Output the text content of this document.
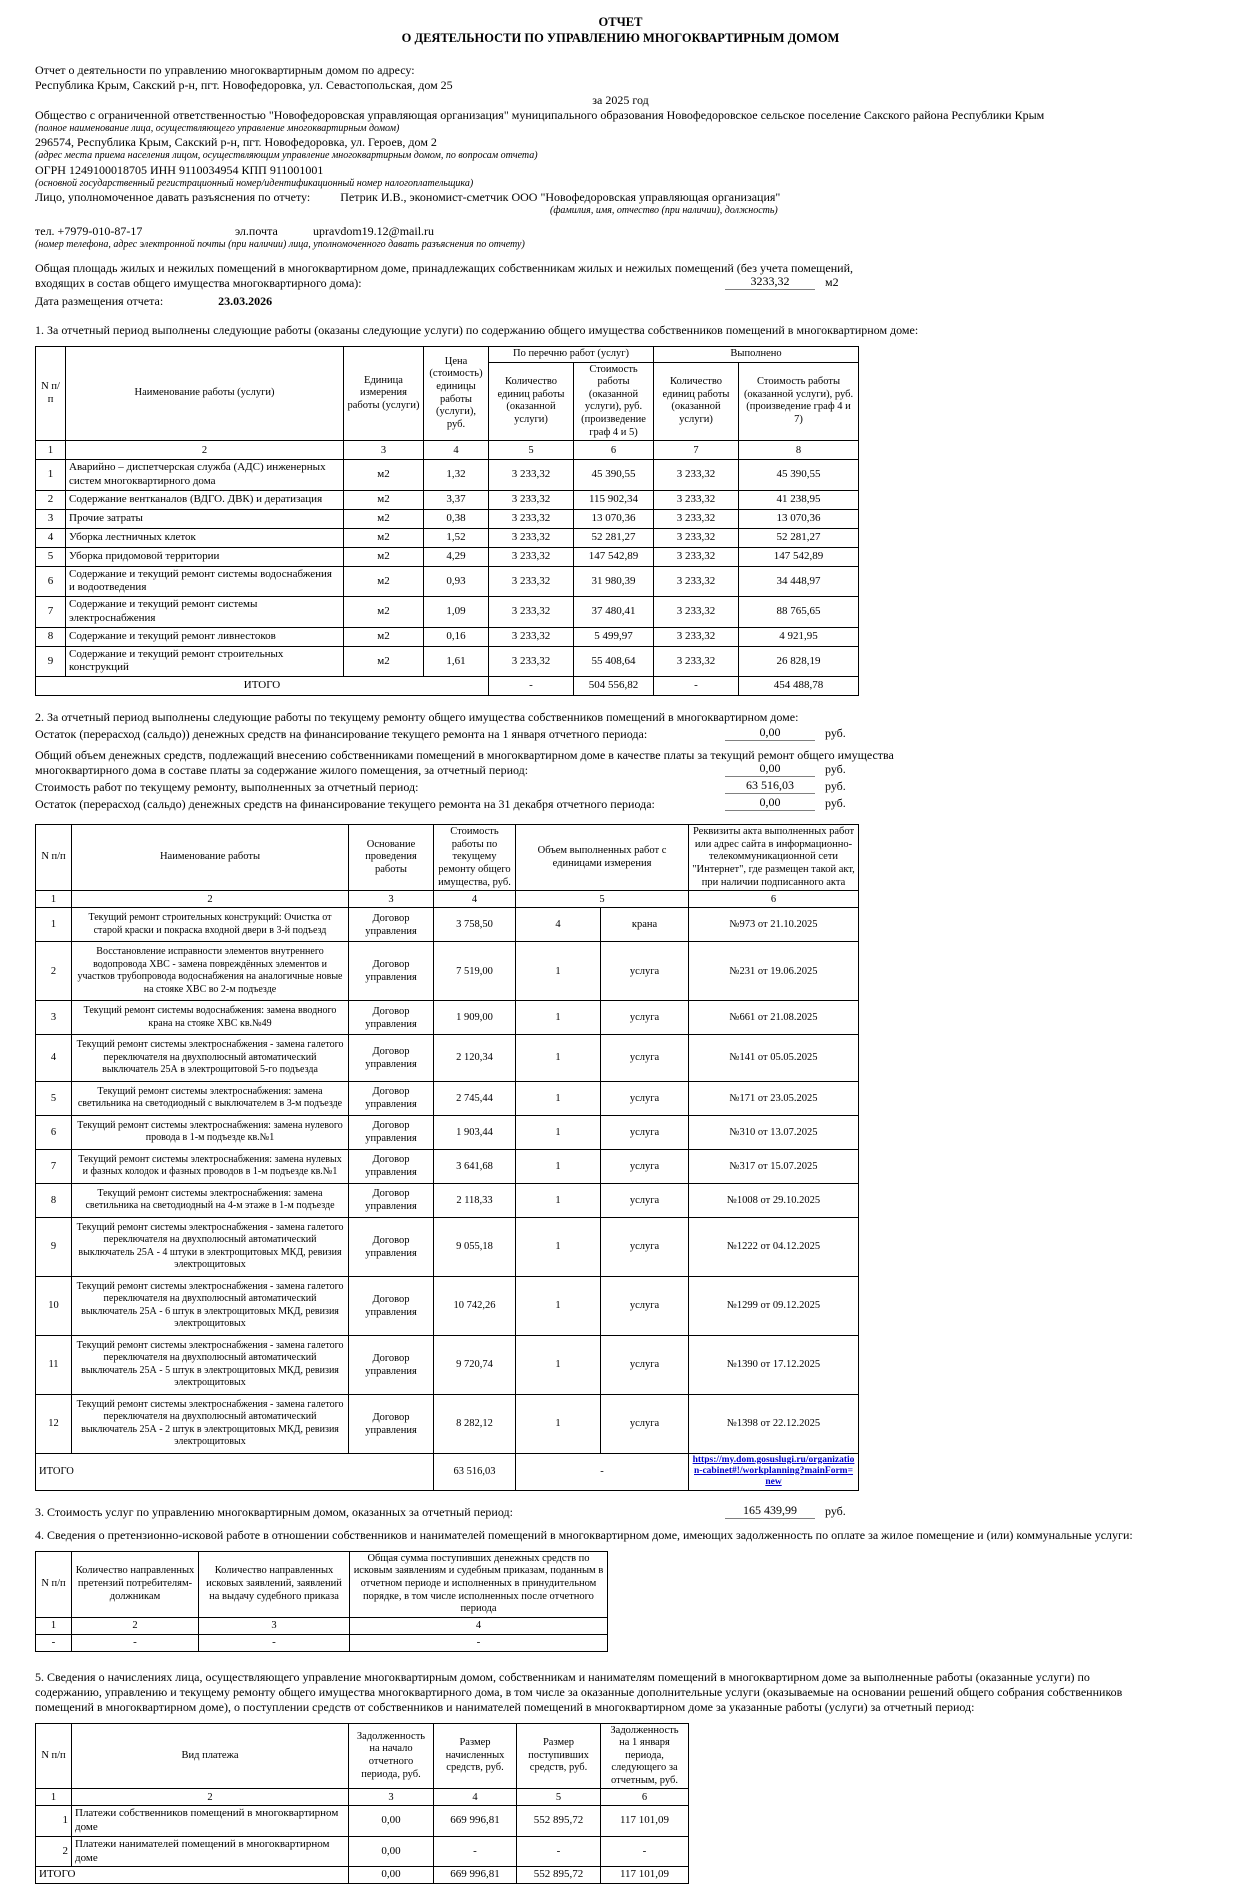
ОТЧЕТ
О ДЕЯТЕЛЬНОСТИ ПО УПРАВЛЕНИЮ МНОГОКВАРТИРНЫМ ДОМОМ

Отчет о деятельности по управлению многоквартирным домом по адресу:

Республика Крым, Сакский р-н, пгт. Новофедоровка, ул. Севастопольская, дом 25

за 2025 год

Общество с ограниченной ответственностью "Новофедоровская управляющая организация" муниципального образования Новофедоровское сельское поселение Сакского района Республики Крым

(полное наименование лица, осуществляющего управление многоквартирным домом)

296574, Республика Крым, Сакский р-н, пгт. Новофедоровка, ул. Героев, дом 2

(адрес места приема населения лицом, осуществляющим управление многоквартирным домом, по вопросам отчета)

ОГРН 1249100018705 ИНН 9110034954 КПП 911001001

(основной государственный регистрационный номер/идентификационный номер налогоплательщика)

Лицо, уполномоченное давать разъяснения по отчету:	Петрик И.В., экономист-сметчик ООО "Новофедоровская управляющая организация"

(фамилия, имя, отчество (при наличии), должность)

тел. +7979-010-87-17	эл.почта	upravdom19.12@mail.ru

(номер телефона, адрес электронной почты (при наличии) лица, уполномоченного давать разъяснения по отчету)

Общая площадь жилых и нежилых помещений в многоквартирном доме, принадлежащих собственникам жилых и нежилых помещений (без учета помещений, входящих в состав общего имущества многоквартирного дома):	3233,32	м2

Дата размещения отчета:	23.03.2026

1. За отчетный период выполнены следующие работы (оказаны следующие услуги) по содержанию общего имущества собственников помещений в многоквартирном доме:

N п/п	Наименование работы (услуги)	Единица измерения работы (услуги)	Цена (стоимость) единицы работы (услуги), руб.	По перечню работ (услуг)		Выполнено	
				Количество единиц работы (оказанной услуги)	Стоимость работы (оказанной услуги), руб. (произведение граф 4 и 5)	Количество единиц работы (оказанной услуги)	Стоимость работы (оказанной услуги), руб. (произведение граф 4 и 7)
1	2	3	4	5	6	7	8
1	Аварийно – диспетчерская служба (АДС) инженерных систем многоквартирного дома	м2	1,32	3 233,32	45 390,55	3 233,32	45 390,55
2	Содержание вентканалов (ВДГО. ДВК) и дератизация	м2	3,37	3 233,32	115 902,34	3 233,32	41 238,95
3	Прочие затраты	м2	0,38	3 233,32	13 070,36	3 233,32	13 070,36
4	Уборка лестничных клеток	м2	1,52	3 233,32	52 281,27	3 233,32	52 281,27
5	Уборка придомовой территории	м2	4,29	3 233,32	147 542,89	3 233,32	147 542,89
6	Содержание и текущий ремонт системы водоснабжения и водоотведения	м2	0,93	3 233,32	31 980,39	3 233,32	34 448,97
7	Содержание и текущий ремонт системы электроснабжения	м2	1,09	3 233,32	37 480,41	3 233,32	88 765,65
8	Содержание и текущий ремонт ливнестоков	м2	0,16	3 233,32	5 499,97	3 233,32	4 921,95
9	Содержание и текущий ремонт строительных конструкций	м2	1,61	3 233,32	55 408,64	3 233,32	26 828,19
ИТОГО				-	504 556,82	-	454 488,78

2. За отчетный период выполнены следующие работы по текущему ремонту общего имущества собственников помещений в многоквартирном доме:

Остаток (перерасход (сальдо)) денежных средств на финансирование текущего ремонта на 1 января отчетного периода:	0,00	руб.
Общий объем денежных средств, подлежащий внесению собственниками помещений в многоквартирном доме в качестве платы за текущий ремонт общего имущества многоквартирного дома в составе платы за содержание жилого помещения, за отчетный период:	0,00	руб.
Стоимость работ по текущему ремонту, выполненных за отчетный период:	63 516,03	руб.
Остаток (перерасход (сальдо) денежных средств на финансирование текущего ремонта на 31 декабря отчетного периода:	0,00	руб.
N п/п	Наименование работы	Основание проведения работы	Стоимость работы по текущему ремонту общего имущества, руб.	Объем выполненных работ с единицами измерения		Реквизиты акта выполненных работ или адрес сайта в информационно-телекоммуникационной сети "Интернет", где размещен такой акт, при наличии подписанного акта
1	2	3	4	5		6
1	Текущий ремонт строительных конструкций: Очистка от старой краски и покраска входной двери в 3-й подъезд	Договор управления	3 758,50	4	крана	№973 от 21.10.2025
2	Восстановление исправности элементов внутреннего водопровода ХВС - замена повреждённых элементов и участков трубопровода водоснабжения на аналогичные новые на стояке ХВС во 2-м подъезде	Договор управления	7 519,00	1	услуга	№231 от 19.06.2025
3	Текущий ремонт системы водоснабжения: замена вводного крана на стояке ХВС кв.№49	Договор управления	1 909,00	1	услуга	№661 от 21.08.2025
4	Текущий ремонт системы электроснабжения - замена галетого переключателя на двухполюсный автоматический выключатель 25А в электрощитовой 5-го подъезда	Договор управления	2 120,34	1	услуга	№141 от 05.05.2025
5	Текущий ремонт системы электроснабжения: замена светильника на светодиодный с выключателем в 3-м подъезде	Договор управления	2 745,44	1	услуга	№171 от 23.05.2025
6	Текущий ремонт системы электроснабжения: замена нулевого провода в 1-м подъезде кв.№1	Договор управления	1 903,44	1	услуга	№310 от 13.07.2025
7	Текущий ремонт системы электроснабжения: замена нулевых и фазных колодок и фазных проводов в 1-м подъезде кв.№1	Договор управления	3 641,68	1	услуга	№317 от 15.07.2025
8	Текущий ремонт системы электроснабжения: замена светильника на светодиодный на 4-м этаже в 1-м подъезде	Договор управления	2 118,33	1	услуга	№1008 от 29.10.2025
9	Текущий ремонт системы электроснабжения - замена галетого переключателя на двухполюсный автоматический выключатель 25А - 4 штуки в электрощитовых МКД, ревизия электрощитовых	Договор управления	9 055,18	1	услуга	№1222 от 04.12.2025
10	Текущий ремонт системы электроснабжения - замена галетого переключателя на двухполюсный автоматический выключатель 25А - 6 штук в электрощитовых МКД, ревизия электрощитовых	Договор управления	10 742,26	1	услуга	№1299 от 09.12.2025
11	Текущий ремонт системы электроснабжения - замена галетого переключателя на двухполюсный автоматический выключатель 25А - 5 штук в электрощитовых МКД, ревизия электрощитовых	Договор управления	9 720,74	1	услуга	№1390 от 17.12.2025
12	Текущий ремонт системы электроснабжения - замена галетого переключателя на двухполюсный автоматический выключатель 25А - 2 штук в электрощитовых МКД, ревизия электрощитовых	Договор управления	8 282,12	1	услуга	№1398 от 22.12.2025
ИТОГО			63 516,03	-		https://my.dom.gosuslugi.ru/organization-cabinet#!/workplanning?mainForm=new
3. Стоимость услуг по управлению многоквартирным домом, оказанных за отчетный период:	165 439,99	руб.

4. Сведения о претензионно-исковой работе в отношении собственников и нанимателей помещений в многоквартирном доме, имеющих задолженность по оплате за жилое помещение и (или) коммунальные услуги:

N п/п	Количество направленных претензий потребителям-должникам	Количество направленных исковых заявлений, заявлений на выдачу судебного приказа	Общая сумма поступивших денежных средств по исковым заявлениям и судебным приказам, поданным в отчетном периоде и исполненных в принудительном порядке, в том числе исполненных после отчетного периода
1	2	3	4
-	-	-	-

5. Сведения о начислениях лица, осуществляющего управление многоквартирным домом, собственникам и нанимателям помещений в многоквартирном доме за выполненные работы (оказанные услуги) по содержанию, управлению и текущему ремонту общего имущества многоквартирного дома, в том числе за оказанные дополнительные услуги (оказываемые на основании решений общего собрания собственников помещений в многоквартирном доме), о поступлении средств от собственников и нанимателей помещений в многоквартирном доме за указанные работы (услуги) за отчетный период:

N п/п	Вид платежа	Задолженность на начало отчетного периода, руб.	Размер начисленных средств, руб.	Размер поступивших средств, руб.	Задолженность на 1 января периода, следующего за отчетным, руб.
1	2	3	4	5	6
1	Платежи собственников помещений в многоквартирном доме	0,00	669 996,81	552 895,72	117 101,09
2	Платежи нанимателей помещений в многоквартирном доме	0,00	-	-	-
ИТОГО		0,00	669 996,81	552 895,72	117 101,09
